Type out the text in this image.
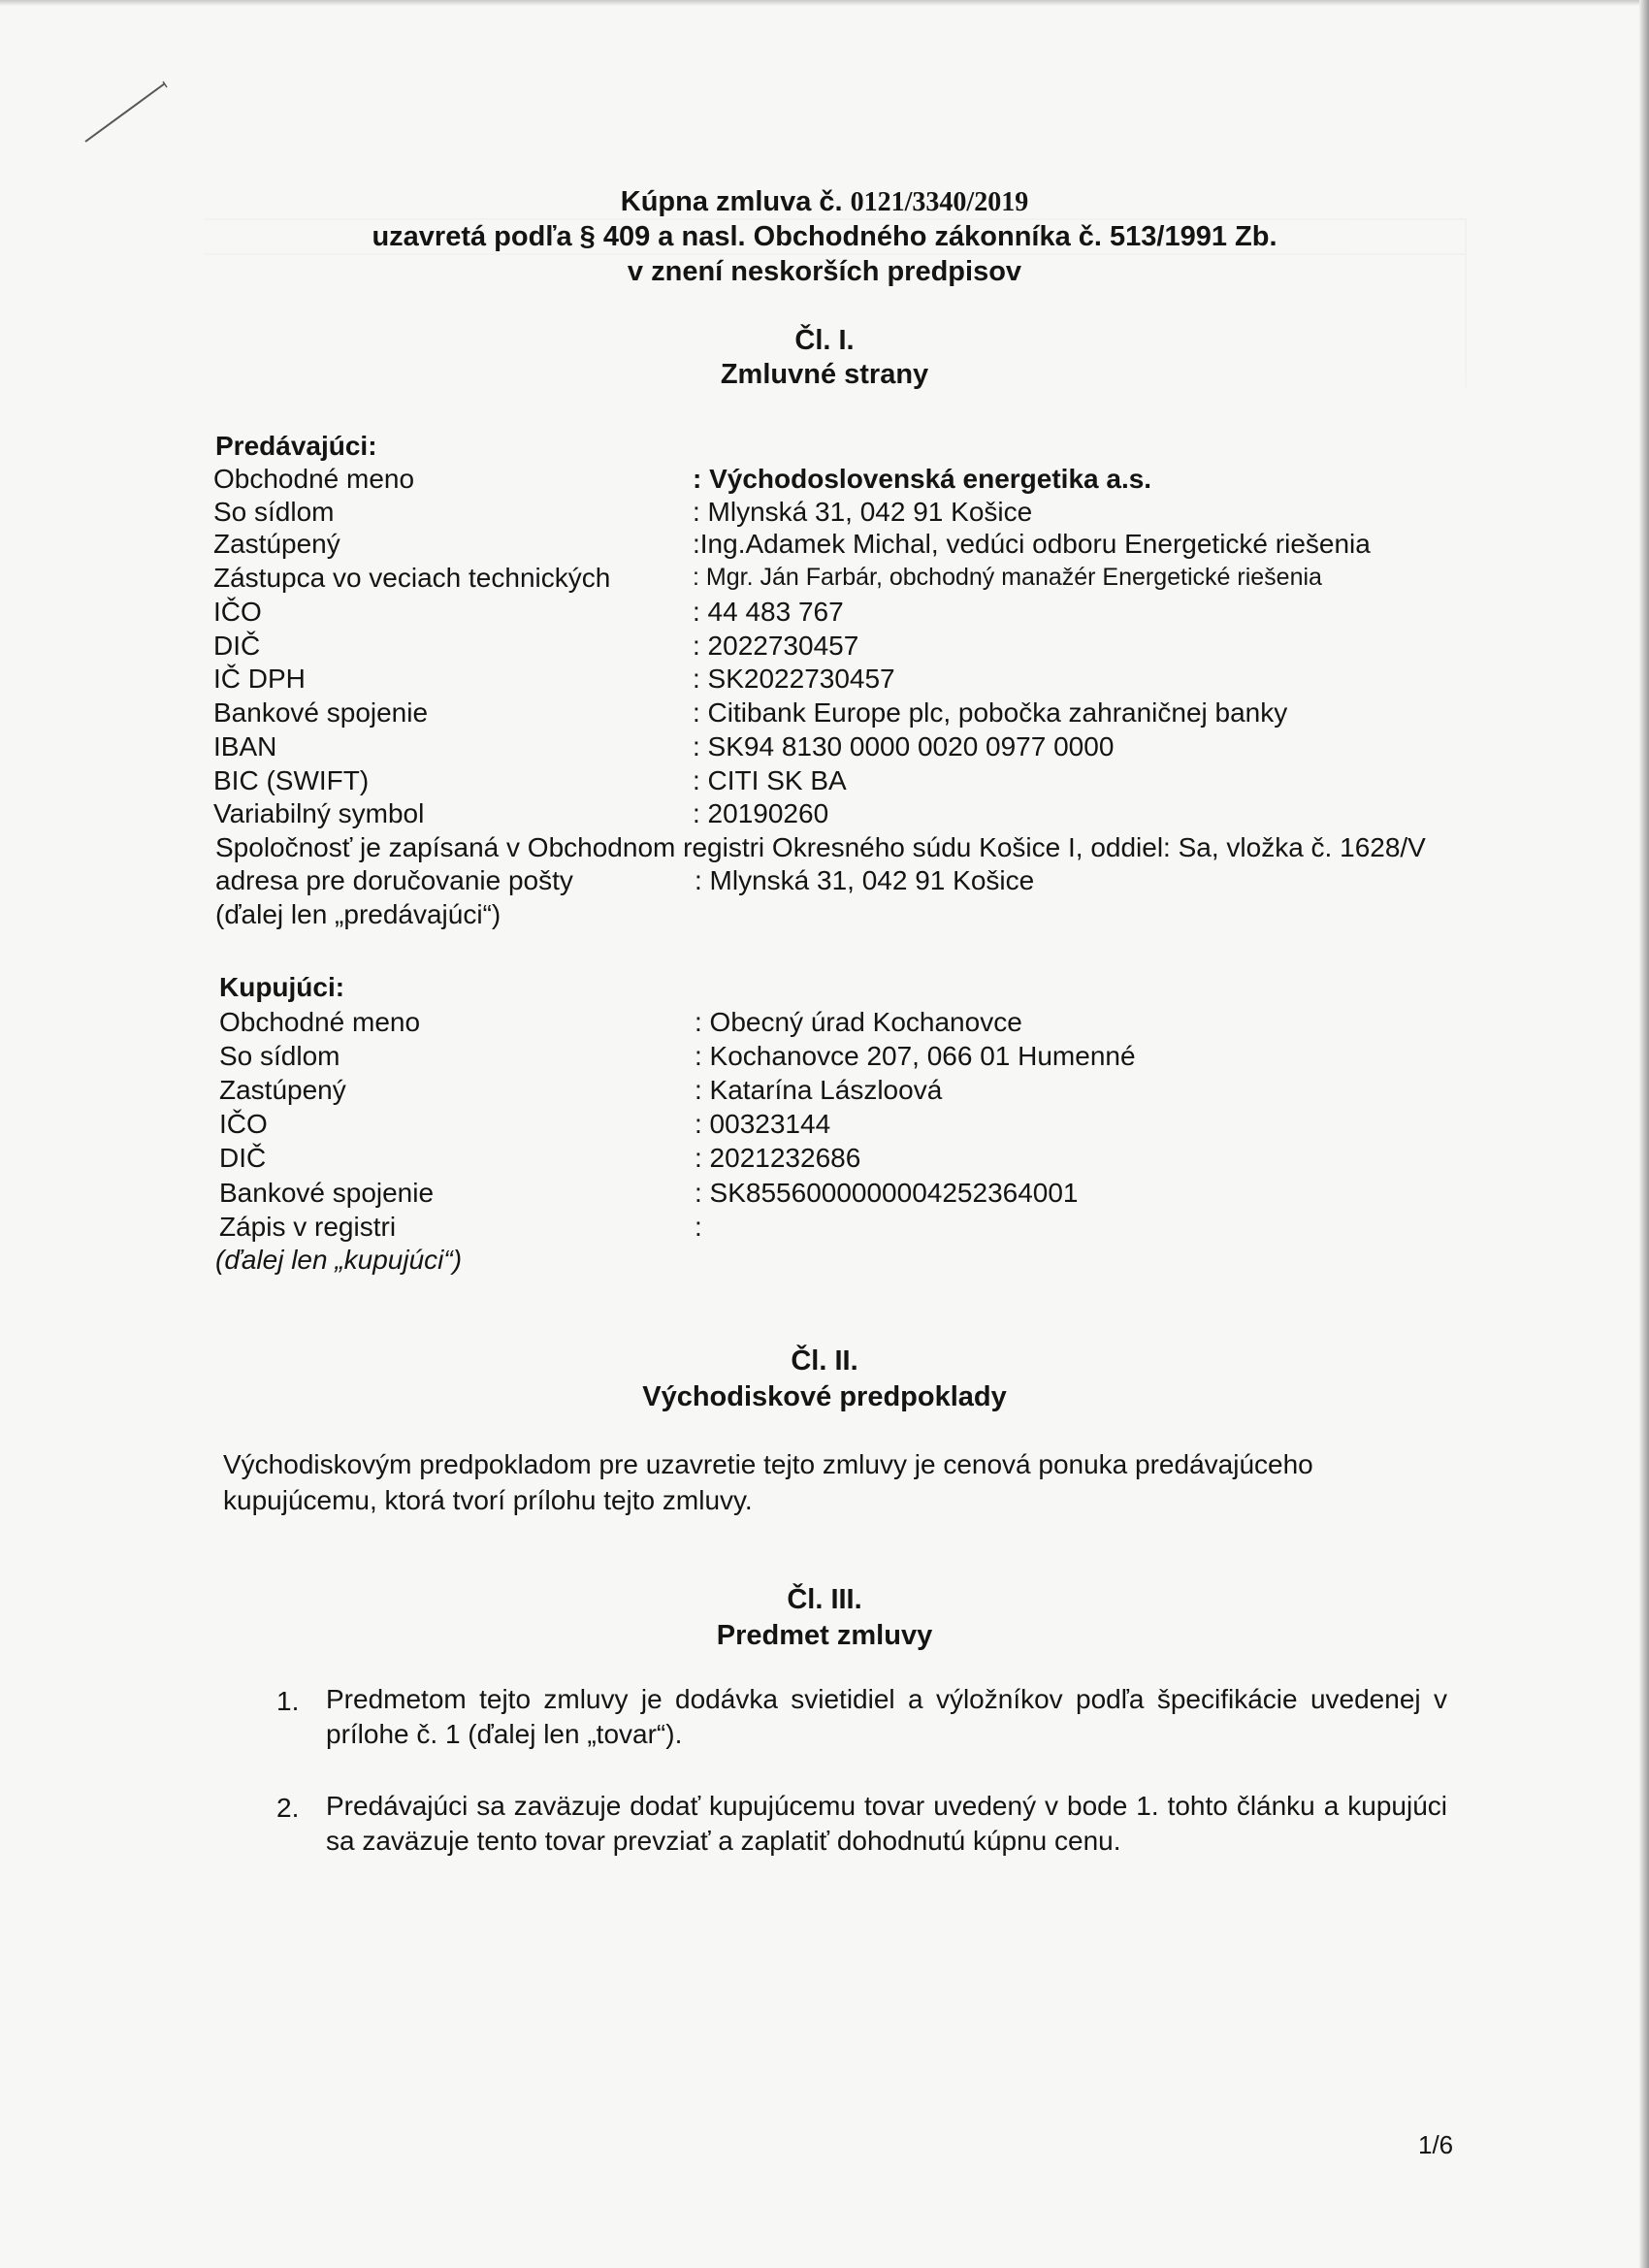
Kúpna zmluva č. 0121/3340/2019
uzavretá podľa § 409 a nasl. Obchodného zákonníka č. 513/1991 Zb.
v znení neskorších predpisov
Čl. I.
Zmluvné strany
Predávajúci:
Obchodné meno	: Východoslovenská energetika a.s.
So sídlom	: Mlynská 31, 042 91 Košice
Zastúpený	:Ing.Adamek Michal, vedúci odboru Energetické riešenia
Zástupca vo veciach technických	: Mgr. Ján Farbár, obchodný manažér Energetické riešenia
IČO	: 44 483 767
DIČ	: 2022730457
IČ DPH	: SK2022730457
Bankové spojenie	: Citibank Europe plc, pobočka zahraničnej banky
IBAN	: SK94 8130 0000 0020 0977 0000
BIC (SWIFT)	: CITI SK BA
Variabilný symbol	: 20190260
Spoločnosť je zapísaná v Obchodnom registri Okresného súdu Košice I, oddiel: Sa, vložka č. 1628/V
adresa pre doručovanie pošty	: Mlynská 31, 042 91 Košice
(ďalej len „predávajúci“)
Kupujúci:
Obchodné meno	: Obecný úrad Kochanovce
So sídlom	: Kochanovce 207, 066 01 Humenné
Zastúpený	: Katarína Lászloová
IČO	: 00323144
DIČ	: 2021232686
Bankové spojenie	: SK8556000000004252364001
Zápis v registri	:
(ďalej len „kupujúci“)
Čl. II.
Východiskové predpoklady
Východiskovým predpokladom pre uzavretie tejto zmluvy je cenová ponuka predávajúceho
kupujúcemu, ktorá tvorí prílohu tejto zmluvy.
Čl. III.
Predmet zmluvy
1. Predmetom tejto zmluvy je dodávka svietidiel a výložníkov podľa špecifikácie uvedenej v prílohe č. 1 (ďalej len „tovar“).
2. Predávajúci sa zaväzuje dodať kupujúcemu tovar uvedený v bode 1. tohto článku a kupujúci sa zaväzuje tento tovar prevziať a zaplatiť dohodnutú kúpnu cenu.
1/6
